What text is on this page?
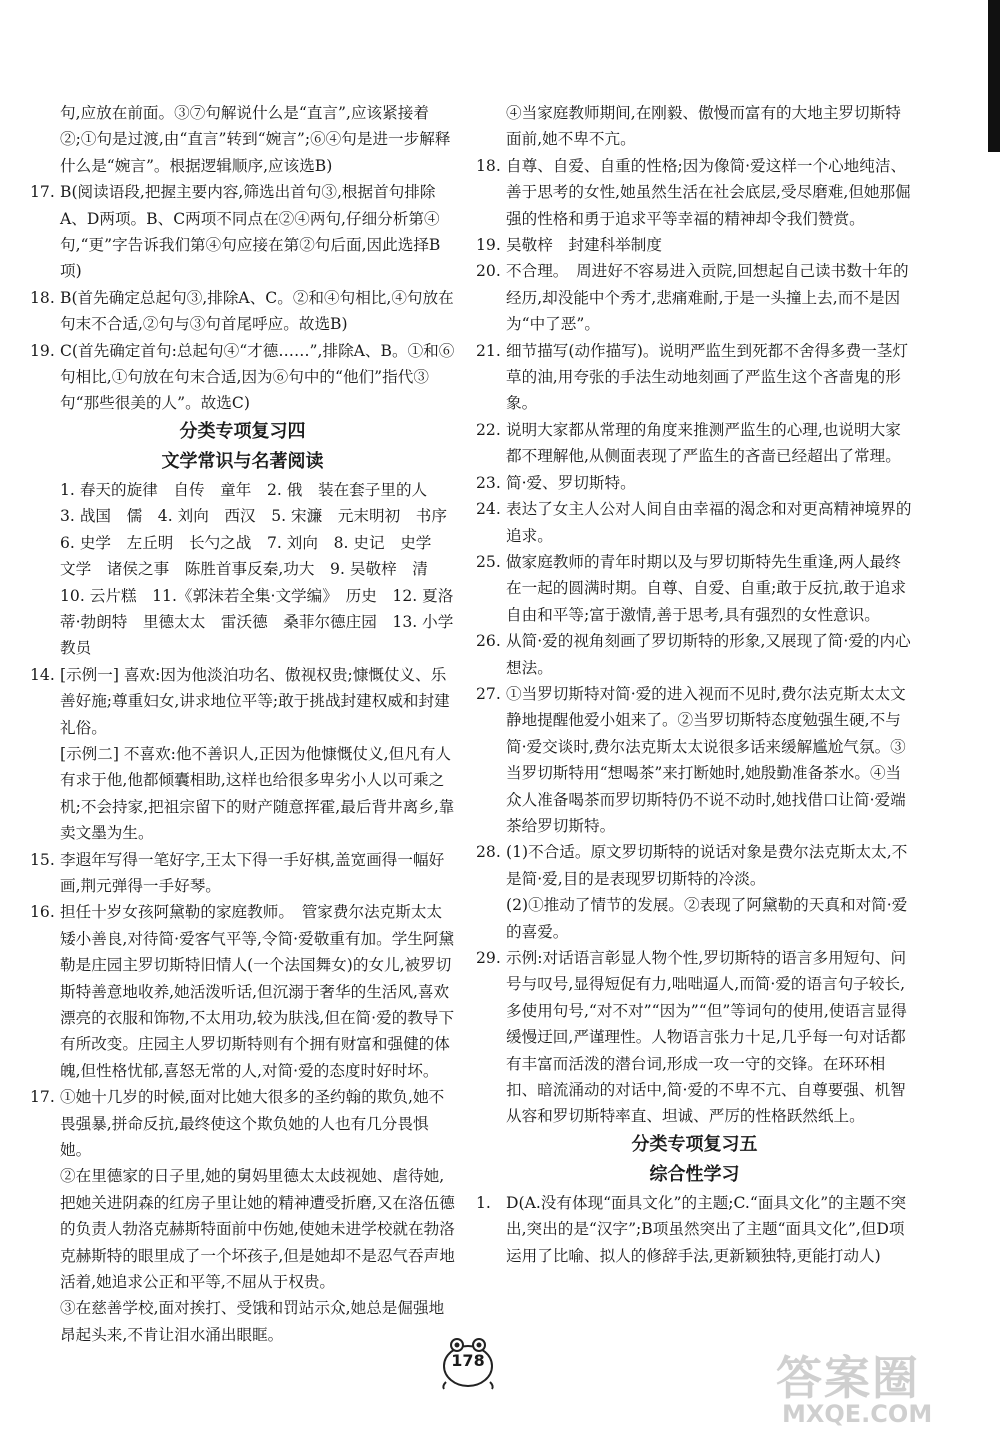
句,应放在前面。③⑦句解说什么是“直言”,应该紧接着②;①句是过渡,由“直言”转到“婉言”;⑥④句是进一步解释什么是“婉言”。根据逻辑顺序,应该选B)

17. B(阅读语段,把握主要内容,筛选出首句③,根据首句排除A、D两项。B、C两项不同点在②④两句,仔细分析第④句,“更”字告诉我们第④句应接在第②句后面,因此选择B项)
18. B(首先确定总起句③,排除A、C。②和④句相比,④句放在句末不合适,②句与③句首尾呼应。故选B)
19. C(首先确定首句:总起句④“才德……”,排除A、B。①和⑥句相比,①句放在句末合适,因为⑥句中的“他们”指代③句“那些很美的人”。故选C)

分类专项复习四

文学常识与名著阅读

1. 春天的旋律　自传　童年　2. 俄　装在套子里的人

3. 战国　儒　4. 刘向　西汉　5. 宋濂　元末明初　书序　6. 史学　左丘明　长勺之战　7. 刘向　8. 史记　史学　文学　诸侯之事　陈胜首事反秦,功大　9. 吴敬梓　清

10. 云片糕　11.《郭沫若全集·文学编》　历史　12. 夏洛蒂·勃朗特　里德太太　雷沃德　桑菲尔德庄园　13. 小学教员

14. [示例一] 喜欢:因为他淡泊功名、傲视权贵;慷慨仗义、乐善好施;尊重妇女,讲求地位平等;敢于挑战封建权威和封建礼俗。

[示例二] 不喜欢:他不善识人,正因为他慷慨仗义,但凡有人有求于他,他都倾囊相助,这样也给很多卑劣小人以可乘之机;不会持家,把祖宗留下的财产随意挥霍,最后背井离乡,靠卖文墨为生。

15. 李遐年写得一笔好字,王太下得一手好棋,盖宽画得一幅好画,荆元弹得一手好琴。
16. 担任十岁女孩阿黛勒的家庭教师。　管家费尔法克斯太太矮小善良,对待简·爱客气平等,令简·爱敬重有加。学生阿黛勒是庄园主罗切斯特旧情人(一个法国舞女)的女儿,被罗切斯特善意地收养,她活泼听话,但沉溺于奢华的生活风,喜欢漂亮的衣服和饰物,不太用功,较为肤浅,但在简·爱的教导下有所改变。庄园主人罗切斯特则有个拥有财富和强健的体魄,但性格忧郁,喜怒无常的人,对简·爱的态度时好时坏。
17. ①她十几岁的时候,面对比她大很多的圣约翰的欺负,她不畏强暴,拼命反抗,最终使这个欺负她的人也有几分畏惧她。

②在里德家的日子里,她的舅妈里德太太歧视她、虐待她,把她关进阴森的红房子里让她的精神遭受折磨,又在洛伍德的负责人勃洛克赫斯特面前中伤她,使她未进学校就在勃洛克赫斯特的眼里成了一个坏孩子,但是她却不是忍气吞声地活着,她追求公正和平等,不屈从于权贵。

③在慈善学校,面对挨打、受饿和罚站示众,她总是倔强地昂起头来,不肯让泪水涌出眼眶。

④当家庭教师期间,在刚毅、傲慢而富有的大地主罗切斯特面前,她不卑不亢。

18. 自尊、自爱、自重的性格;因为像简·爱这样一个心地纯洁、善于思考的女性,她虽然生活在社会底层,受尽磨难,但她那倔强的性格和勇于追求平等幸福的精神却令我们赞赏。
19. 吴敬梓　封建科举制度
20. 不合理。　周进好不容易进入贡院,回想起自己读书数十年的经历,却没能中个秀才,悲痛难耐,于是一头撞上去,而不是因为“中了恶”。
21. 细节描写(动作描写)。说明严监生到死都不舍得多费一茎灯草的油,用夸张的手法生动地刻画了严监生这个吝啬鬼的形象。
22. 说明大家都从常理的角度来推测严监生的心理,也说明大家都不理解他,从侧面表现了严监生的吝啬已经超出了常理。
23. 简·爱、罗切斯特。
24. 表达了女主人公对人间自由幸福的渴念和对更高精神境界的追求。
25. 做家庭教师的青年时期以及与罗切斯特先生重逢,两人最终在一起的圆满时期。自尊、自爱、自重;敢于反抗,敢于追求自由和平等;富于激情,善于思考,具有强烈的女性意识。
26. 从简·爱的视角刻画了罗切斯特的形象,又展现了简·爱的内心想法。
27. ①当罗切斯特对简·爱的进入视而不见时,费尔法克斯太太文静地提醒他爱小姐来了。②当罗切斯特态度勉强生硬,不与简·爱交谈时,费尔法克斯太太说很多话来缓解尴尬气氛。③当罗切斯特用“想喝茶”来打断她时,她殷勤准备茶水。④当众人准备喝茶而罗切斯特仍不说不动时,她找借口让简·爱端茶给罗切斯特。
28. (1)不合适。原文罗切斯特的说话对象是费尔法克斯太太,不是简·爱,目的是表现罗切斯特的冷淡。

(2)①推动了情节的发展。②表现了阿黛勒的天真和对简·爱的喜爱。

29. 示例:对话语言彰显人物个性,罗切斯特的语言多用短句、问号与叹号,显得短促有力,咄咄逼人,而简·爱的语言句子较长,多使用句号,“对不对”“因为”“但”等词句的使用,使语言显得缓慢迂回,严谨理性。人物语言张力十足,几乎每一句对话都有丰富而活泼的潜台词,形成一攻一守的交锋。在环环相扣、暗流涌动的对话中,简·爱的不卑不亢、自尊要强、机智从容和罗切斯特率直、坦诚、严厉的性格跃然纸上。

分类专项复习五

综合性学习

1. D(A.没有体现“面具文化”的主题;C.“面具文化”的主题不突出,突出的是“汉字”;B项虽然突出了主题“面具文化”,但D项运用了比喻、拟人的修辞手法,更新颖独特,更能打动人)
178	答案圈
MXQE.COM
